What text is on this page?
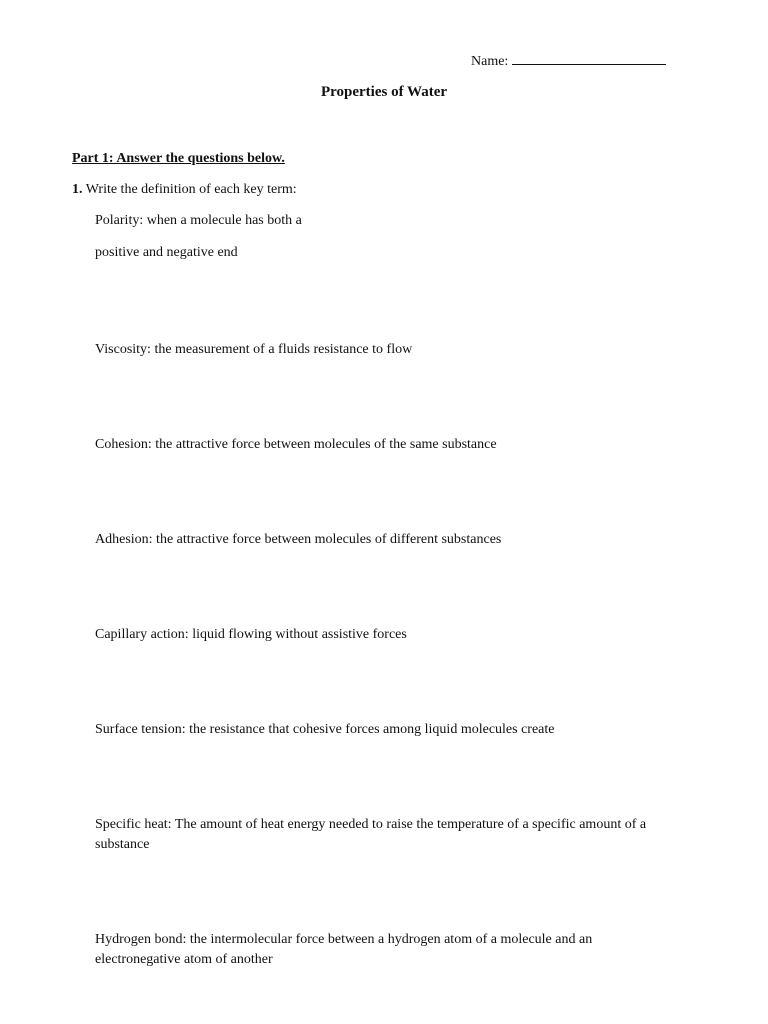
Name:
Properties of Water
Part 1: Answer the questions below.
1. Write the definition of each key term:
Polarity: when a molecule has both a
positive and negative end
Viscosity: the measurement of a fluids resistance to flow
Cohesion: the attractive force between molecules of the same substance
Adhesion: the attractive force between molecules of different substances
Capillary action: liquid flowing without assistive forces
Surface tension: the resistance that cohesive forces among liquid molecules create
Specific heat: The amount of heat energy needed to raise the temperature of a specific amount of a substance
Hydrogen bond: the intermolecular force between a hydrogen atom of a molecule and an electronegative atom of another
